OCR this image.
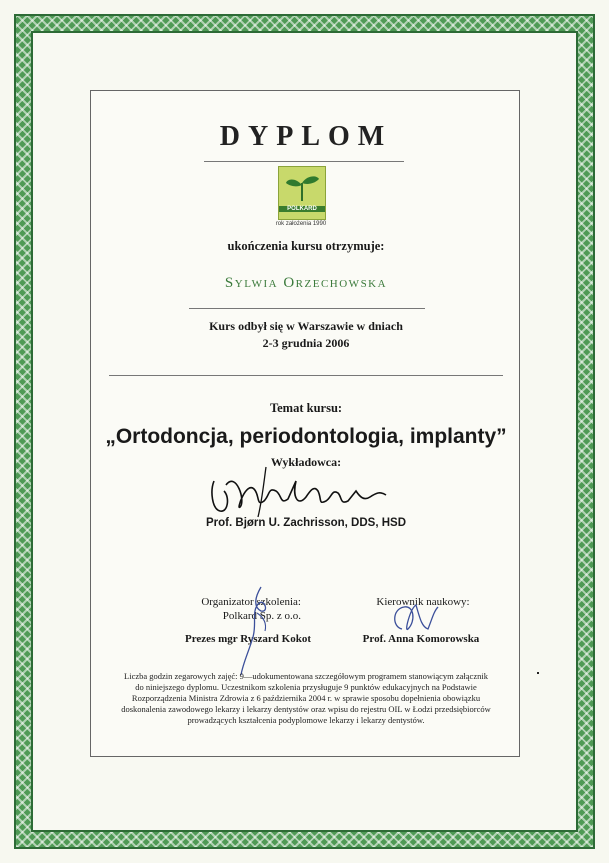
DYPLOM
POLKARD
rok założenia 1990
ukończenia kursu otrzymuje:
Sylwia Orzechowska
Kurs odbył się w Warszawie w dniach
2-3 grudnia 2006
Temat kursu:
„Ortodoncja, periodontologia, implanty”
Wykładowca:
Prof. Bjørn U. Zachrisson, DDS, HSD
Organizator szkolenia:
Polkard Sp. z o.o.
Prezes mgr Ryszard Kokot
Kierownik naukowy:
Prof. Anna Komorowska
Liczba godzin zegarowych zajęć: 9—udokumentowana szczegółowym programem stanowiącym załącznik do niniejszego dyplomu. Uczestnikom szkolenia przysługuje 9 punktów edukacyjnych na Podstawie Rozporządzenia Ministra Zdrowia z 6 października 2004 r. w sprawie sposobu dopełnienia obowiązku doskonalenia zawodowego lekarzy i lekarzy dentystów oraz wpisu do rejestru OIL w Łodzi przedsiębiorców prowadzących kształcenia podyplomowe lekarzy i lekarzy dentystów.
